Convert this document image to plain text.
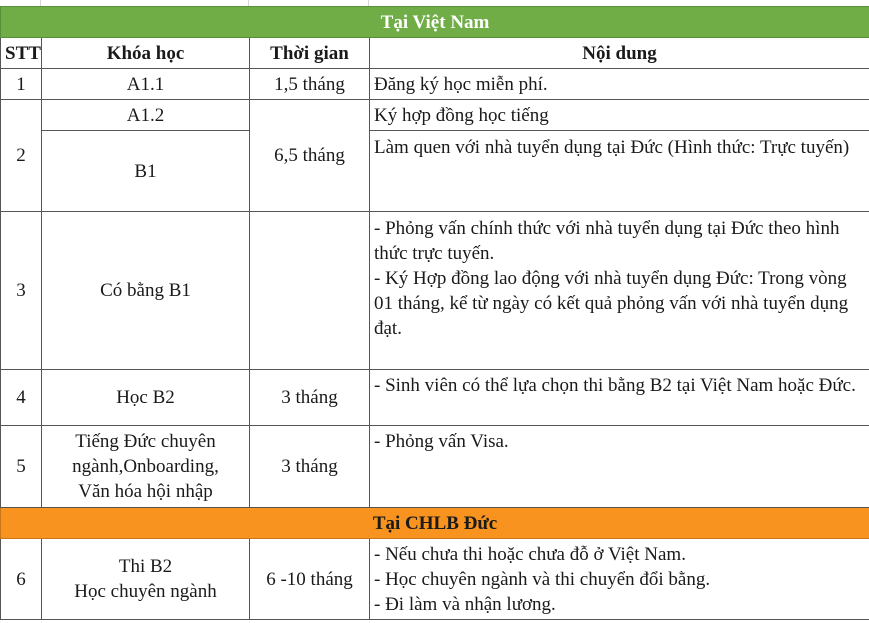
Tại Việt Nam			
STT	Khóa học	Thời gian	Nội dung
1	A1.1	1,5 tháng	Đăng ký học miễn phí.
2	A1.2	6,5 tháng	Ký hợp đồng học tiếng
	B1		Làm quen với nhà tuyển dụng tại Đức (Hình thức: Trực tuyến)
3	Có bằng B1		- Phỏng vấn chính thức với nhà tuyển dụng tại Đức theo hình thức trực tuyến.
- Ký Hợp đồng lao động với nhà tuyển dụng Đức: Trong vòng 01 tháng, kể từ ngày có kết quả phỏng vấn với nhà tuyển dụng đạt.

4	Học B2	3 tháng	- Sinh viên có thể lựa chọn thi bằng B2 tại Việt Nam hoặc Đức.

5	Tiếng Đức chuyên
ngành,Onboarding,
Văn hóa hội nhập	3 tháng	- Phỏng vấn Visa.

Tại CHLB Đức			
6	Thi B2
Học chuyên ngành	6 -10 tháng	- Nếu chưa thi hoặc chưa đỗ ở Việt Nam.
- Học chuyên ngành và thi chuyển đổi bằng.
- Đi làm và nhận lương.
